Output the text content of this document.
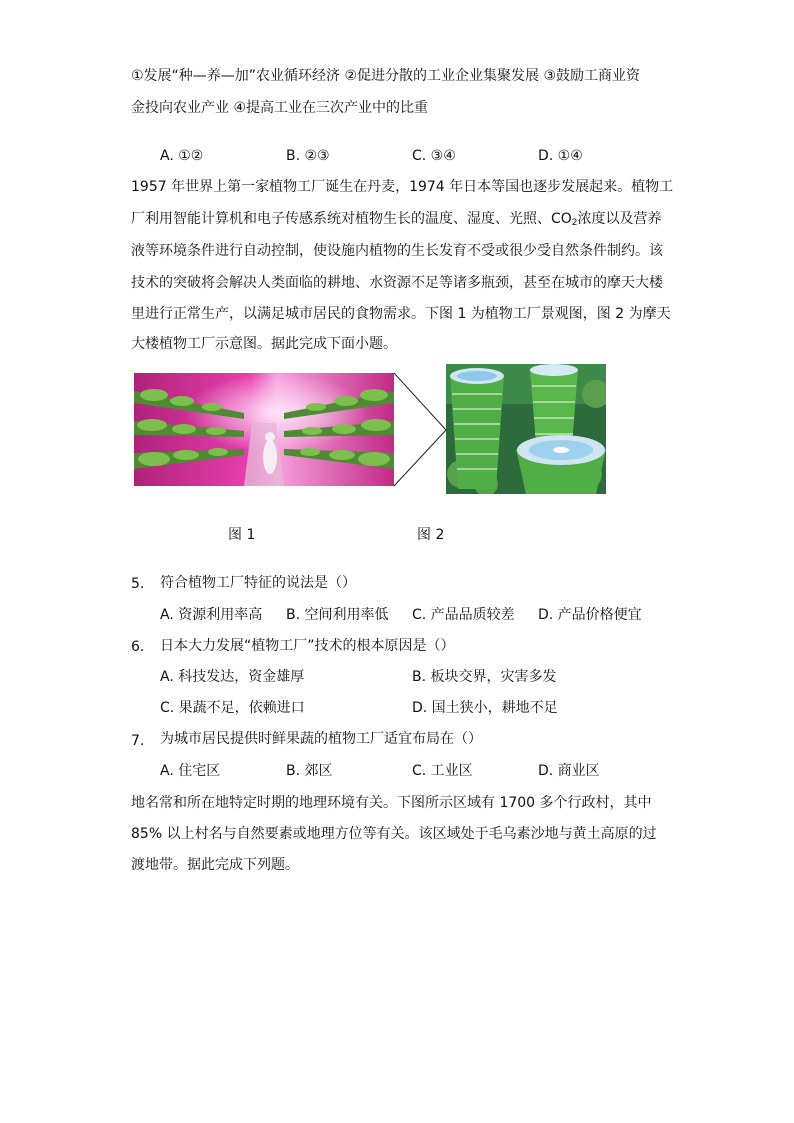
①发展“种—养—加”农业循环经济 ②促进分散的工业企业集聚发展 ③鼓励工商业资
金投向农业产业 ④提高工业在三次产业中的比重
A. ①②	B. ②③	C. ③④	D. ①④
1957 年世界上第一家植物工厂诞生在丹麦，1974 年日本等国也逐步发展起来。植物工
厂利用智能计算机和电子传感系统对植物生长的温度、湿度、光照、$CO_2$浓度以及营养
液等环境条件进行自动控制，使设施内植物的生长发育不受或很少受自然条件制约。该
技术的突破将会解决人类面临的耕地、水资源不足等诸多瓶颈，甚至在城市的摩天大楼
里进行正常生产，以满足城市居民的食物需求。下图 1 为植物工厂景观图，图 2 为摩天
大楼植物工厂示意图。据此完成下面小题。
图 1	图 2
5. 符合植物工厂特征的说法是（）
A. 资源利用率高 B. 空间利用率低 C. 产品品质较差 D. 产品价格便宜
6. 日本大力发展“植物工厂”技术的根本原因是（）
A. 科技发达，资金雄厚	B. 板块交界，灾害多发
C. 果蔬不足，依赖进口	D. 国土狭小，耕地不足
7. 为城市居民提供时鲜果蔬的植物工厂适宜布局在（）
A. 住宅区	B. 郊区	C. 工业区	D. 商业区
地名常和所在地特定时期的地理环境有关。下图所示区域有 1700 多个行政村，其中
85% 以上村名与自然要素或地理方位等有关。该区域处于毛乌素沙地与黄土高原的过
渡地带。据此完成下列题。
